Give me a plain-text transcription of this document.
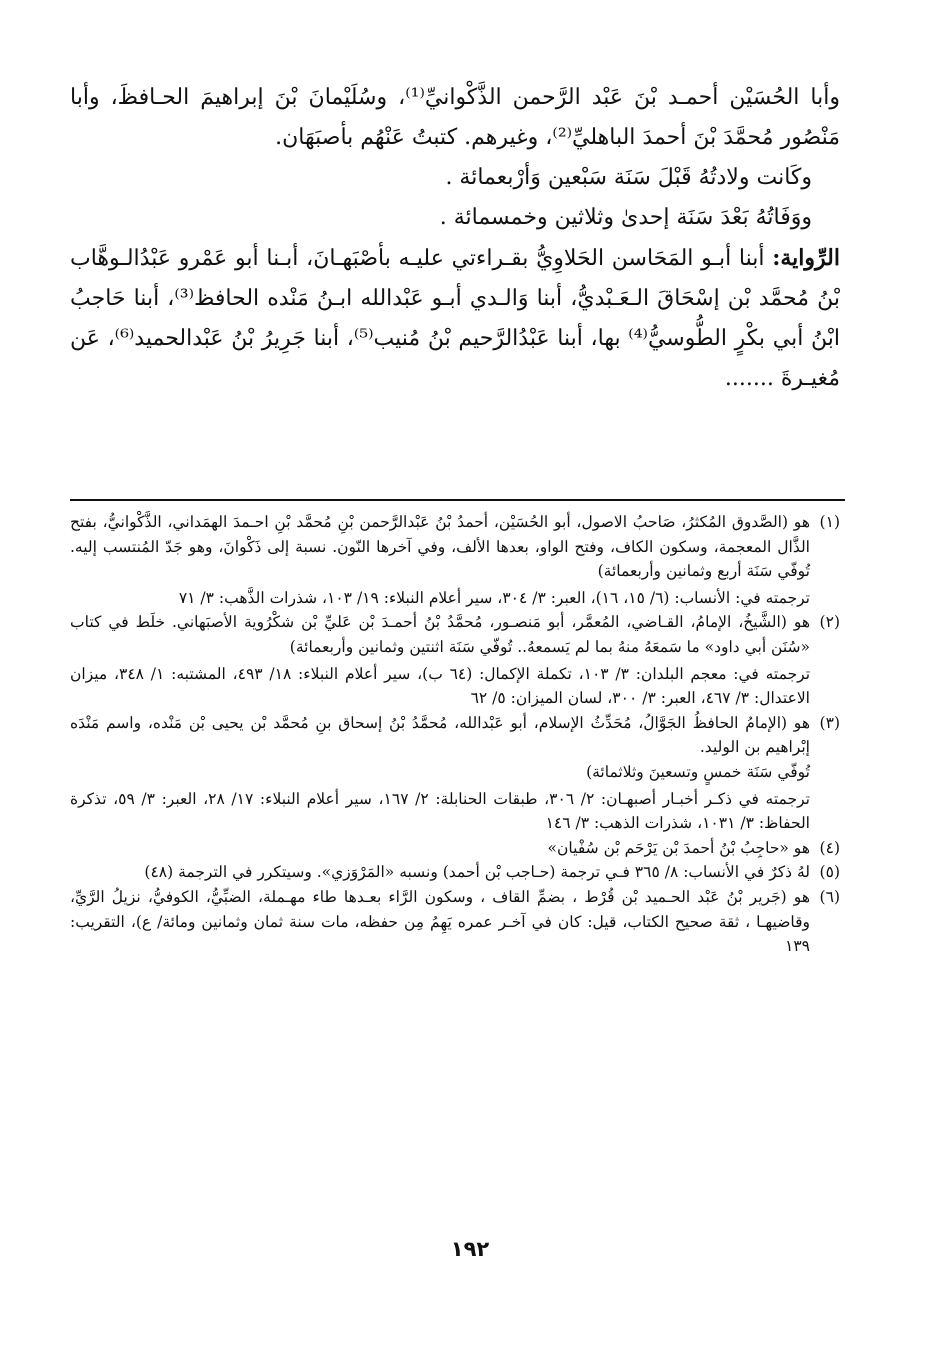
وأبا الحُسَيْن أحمـد بْنَ عَبْد الرَّحمن الذَّكْوانيِّ⁽¹⁾، وسُلَيْمانَ بْنَ إبراهيمَ الحـافظَ، وأبا مَنْصُور مُحمَّدَ بْنَ أحمدَ الباهليِّ⁽²⁾، وغيرهم. كتبتُ عَنْهُم بأصبَهَان.

وكَانت ولادتُهُ قَبْلَ سَنَة سَبْعين وَأرْبعمائة .

ووَفَاتُهُ بَعْدَ سَنَة إحدىٰ وثلاثين وخمسمائة .

الرِّواية: أبنا أبـو المَحَاسن الحَلاوِيُّ بقـراءتي عليـه بأصْبَهـانَ، أبـنا أبو عَمْرو عَبْدُالـوهَّاب بْنُ مُحمَّد بْن إسْحَاقَ الـعَـبْديُّ، أبنا وَالـدي أبـو عَبْدالله ابـنُ مَنْده الحافظ⁽³⁾، أبنا حَاجبُ ابْنُ أبي بكْرٍ الطُّوسيُّ⁽⁴⁾ بها، أبنا عَبْدُالرَّحيم بْنُ مُنيب⁽⁵⁾، أبنا جَرِيرُ بْنُ عَبْدالحميد⁽⁶⁾، عَن مُغيـرةَ .......

(١)

هو (الصَّدوق المُكثرُ، صَاحبُ الاصول، أبو الحُسَيْن، أحمدُ بْنُ عَبْدالرَّحمن بْنِ مُحمَّد بْنِ احـمدَ الهمَداني، الذَّكْوانيُّ، بفتح الذَّال المعجمة، وسكون الكاف، وفتح الواو، بعدها الألف، وفي آخرها النّون. نسبة إلى ذَكْوانَ، وهو جَدّ المُنتسب إليه. تُوفّي سَنَة أربع وثمانين وأربعمائة)

ترجمته في: الأنساب: (٦/ ١٥، ١٦)، العبر: ٣/ ٣٠٤، سير أعلام النبلاء: ١٩/ ١٠٣، شذرات الذَّهب: ٣/ ٧١

(٢)

هو (الشَّيخُ، الإمامُ، القـاضي، المُعمَّر، أبو مَنصـور، مُحمَّدُ بْنُ أحمـدَ بْن عَليِّ بْن شكْرُوية الأصبَهاني. خلَط في كتاب «سُنَن أبي داود» ما سَمعَهُ منهُ بما لم يَسمعهُ.. تُوفّي سَنَة اثنتين وثمانين وأربعمائة)

ترجمته في: معجم البلدان: ٣/ ١٠٣، تكملة الإكمال: (٦٤ ب)، سير أعلام النبلاء: ١٨/ ٤٩٣، المشتبه: ١/ ٣٤٨، ميزان الاعتدال: ٣/ ٤٦٧، العبر: ٣/ ٣٠٠، لسان الميزان: ٥/ ٦٢

(٣)

هو (الإمامُ الحافظُ الجَوَّالُ، مُحَدِّثُ الإسلام، أبو عَبْدالله، مُحمَّدُ بْنُ إسحاق بنِ مُحمَّد بْن يحيى بْن مَنْده، واسم مَنْدَه إبْراهيم بن الوليد.

تُوفّي سَنَة خمسٍ وتسعينَ وثلاثمائة)

ترجمته في ذكـر أخبـار أصبهـان: ٢/ ٣٠٦، طبقات الحنابلة: ٢/ ١٦٧، سير أعلام النبلاء: ١٧/ ٢٨، العبر: ٣/ ٥٩، تذكرة الحفاظ: ٣/ ١٠٣١، شذرات الذهب: ٣/ ١٤٦

(٤)

هو «حاجِبُ بْنُ أحمدَ بْن يَرْحَم بْن سُفْيان»

(٥)

لهُ ذكرٌ في الأنساب: ٨/ ٣٦٥ فـي ترجمة (حـاجب بْن أحمد) ونسبه «المَرْوَزي». وسيتكرر في الترجمة (٤٨)

(٦)

هو (جَرير بْنُ عَبْد الحـميد بْن قُرْط ، بضمِّ القاف ، وسكون الرَّاء بعـدها طاء مهـملة، الضبِّيُّ، الكوفيُّ، نزيلُ الرَّيِّ، وقاضيهـا ، ثقة صحيح الكتاب، قيل: كان في آخـر عمره يَهِمُ مِن حفظه، مات سنة ثمان وثمانين ومائة/ ع)، التقريب: ١٣٩

١٩٢
